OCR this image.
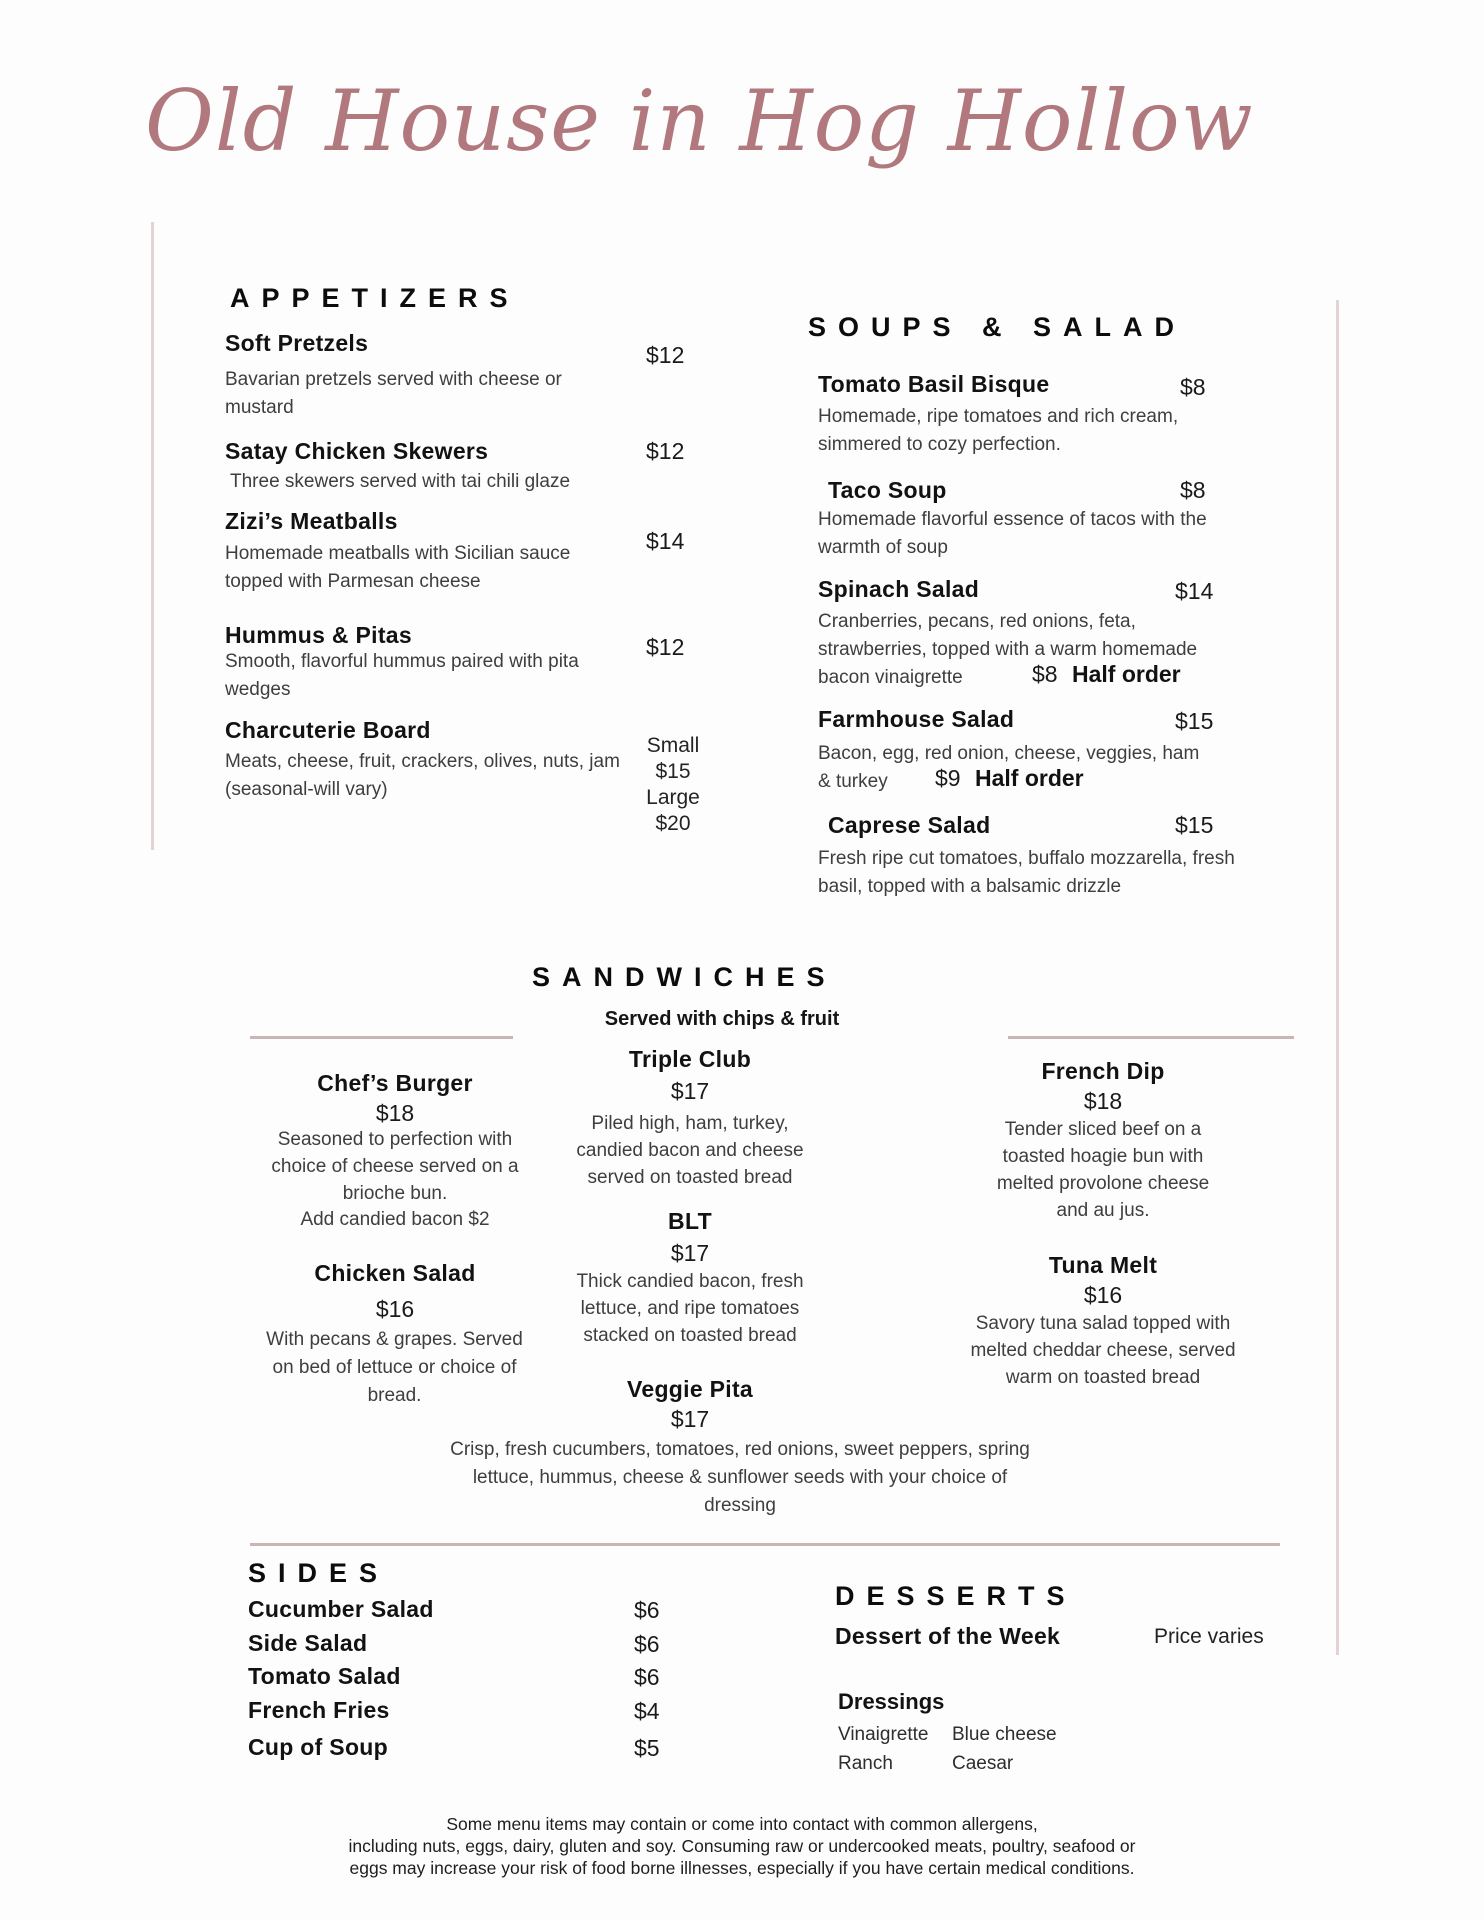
Old House in Hog Hollow
APPETIZERS
Soft Pretzels	$12
Bavarian pretzels served with cheese or mustard
Satay Chicken Skewers	$12
Three skewers served with tai chili glaze
Zizi’s Meatballs
$14
Homemade meatballs with Sicilian sauce topped with Parmesan cheese
Hummus & Pitas	$12
Smooth, flavorful hummus paired with pita wedges
Charcuterie Board
Meats, cheese, fruit, crackers, olives, nuts, jam (seasonal-will vary)
Small
$15
Large
$20
SOUPS & SALAD
Tomato Basil Bisque	$8
Homemade, ripe tomatoes and rich cream, simmered to cozy perfection.
Taco Soup	$8
Homemade flavorful essence of tacos with the warmth of soup
Spinach Salad	$14
Cranberries, pecans, red onions, feta, strawberries, topped with a warm homemade
bacon vinaigrette	$8 Half order
Farmhouse Salad	$15
Bacon, egg, red onion, cheese, veggies, ham
& turkey $9 Half order
Caprese Salad	$15
Fresh ripe cut tomatoes, buffalo mozzarella, fresh basil, topped with a balsamic drizzle
SANDWICHES
Served with chips & fruit
Chef’s Burger
$18
Seasoned to perfection with choice of cheese served on a brioche bun.
Add candied bacon $2
Chicken Salad
$16
With pecans & grapes. Served on bed of lettuce or choice of bread.
Triple Club
$17
Piled high, ham, turkey, candied bacon and cheese served on toasted bread
BLT
$17
Thick candied bacon, fresh lettuce, and ripe tomatoes stacked on toasted bread
Veggie Pita
$17
Crisp, fresh cucumbers, tomatoes, red onions, sweet peppers, spring lettuce, hummus, cheese & sunflower seeds with your choice of dressing
French Dip
$18
Tender sliced beef on a toasted hoagie bun with melted provolone cheese and au jus.
Tuna Melt
$16
Savory tuna salad topped with melted cheddar cheese, served warm on toasted bread
SIDES
Cucumber Salad	$6
Side Salad	$6
Tomato Salad	$6
French Fries	$4
Cup of Soup	$5
DESSERTS
Dessert of the Week	Price varies
Dressings
Vinaigrette Blue cheese
Ranch	Caesar
Some menu items may contain or come into contact with common allergens,
including nuts, eggs, dairy, gluten and soy. Consuming raw or undercooked meats, poultry, seafood or
eggs may increase your risk of food borne illnesses, especially if you have certain medical conditions.
